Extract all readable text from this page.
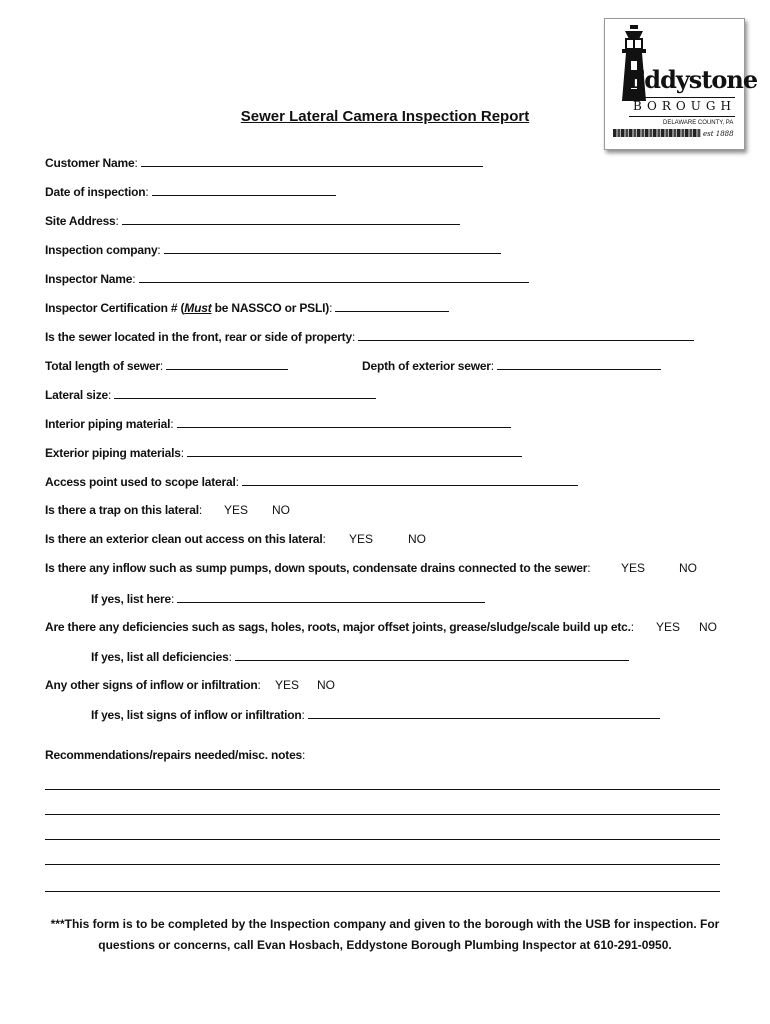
Eddystone
BOROUGH
DELAWARE COUNTY, PA
est 1888
Sewer Lateral Camera Inspection Report
Customer Name:
Date of inspection:
Site Address:
Inspection company:
Inspector Name:
Inspector Certification # (Must be NASSCO or PSLI):
Is the sewer located in the front, rear or side of property:
Total length of sewer:	Depth of exterior sewer:
Lateral size:
Interior piping material:
Exterior piping materials:
Access point used to scope lateral:
Is there a trap on this lateral: YES NO
Is there an exterior clean out access on this lateral: YES	NO
Is there any inflow such as sump pumps, down spouts, condensate drains connected to the sewer:	YES	NO
If yes, list here:
Are there any deficiencies such as sags, holes, roots, major offset joints, grease/sludge/scale build up etc.: YES NO
If yes, list all deficiencies:
Any other signs of inflow or infiltration: YES NO
If yes, list signs of inflow or infiltration:
Recommendations/repairs needed/misc. notes:
***This form is to be completed by the Inspection company and given to the borough with the USB for inspection. For
questions or concerns, call Evan Hosbach, Eddystone Borough Plumbing Inspector at 610-291-0950.
